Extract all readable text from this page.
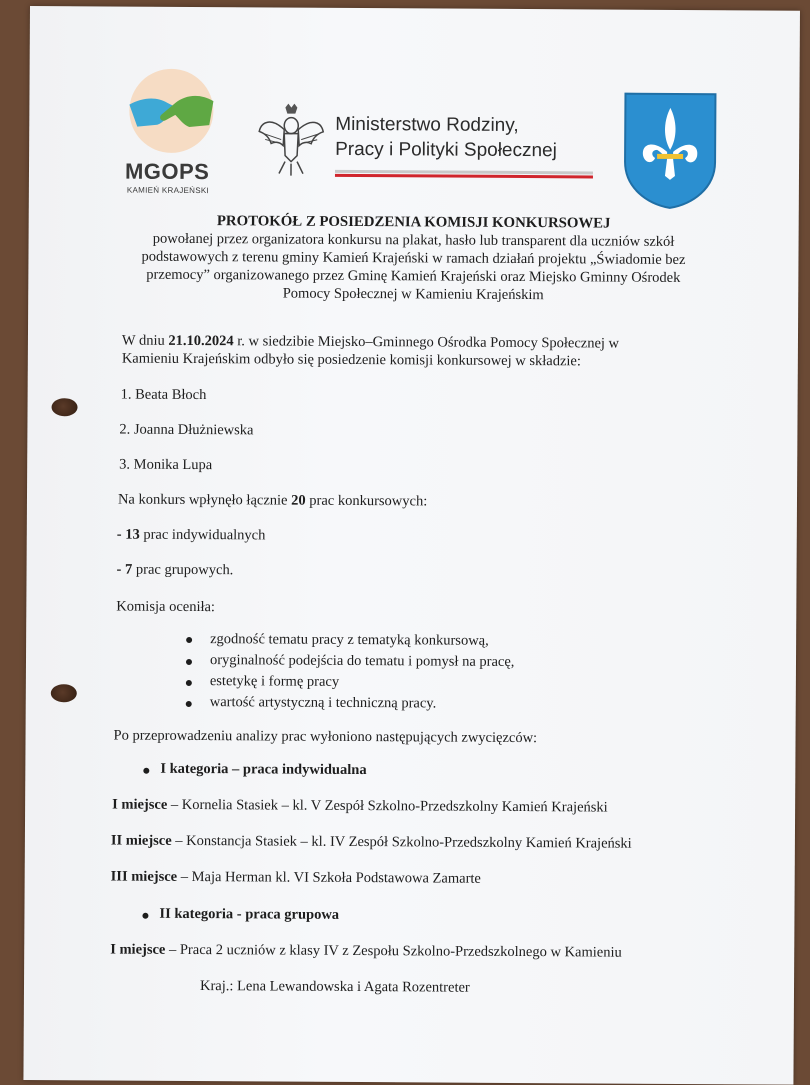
MGOPS
KAMIEŃ KRAJEŃSKI
Ministerstwo Rodziny,
Pracy i Polityki Społecznej
PROTOKÓŁ Z POSIEDZENIA KOMISJI KONKURSOWEJ
powołanej przez organizatora konkursu na plakat, hasło lub transparent dla uczniów szkół
podstawowych z terenu gminy Kamień Krajeński w ramach działań projektu „Świadomie bez
przemocy” organizowanego przez Gminę Kamień Krajeński oraz Miejsko Gminny Ośrodek
Pomocy Społecznej w Kamieniu Krajeńskim
W dniu 21.10.2024 r. w siedzibie Miejsko–Gminnego Ośrodka Pomocy Społecznej w
Kamieniu Krajeńskim odbyło się posiedzenie komisji konkursowej w składzie:
1. Beata Błoch
2. Joanna Dłużniewska
3. Monika Lupa
Na konkurs wpłynęło łącznie 20 prac konkursowych:
- 13 prac indywidualnych
- 7 prac grupowych.
Komisja oceniła:
zgodność tematu pracy z tematyką konkursową,
oryginalność podejścia do tematu i pomysł na pracę,
estetykę i formę pracy
wartość artystyczną i techniczną pracy.
Po przeprowadzeniu analizy prac wyłoniono następujących zwycięzców:
I kategoria – praca indywidualna
I miejsce – Kornelia Stasiek – kl. V Zespół Szkolno-Przedszkolny Kamień Krajeński
II miejsce – Konstancja Stasiek – kl. IV Zespół Szkolno-Przedszkolny Kamień Krajeński
III miejsce – Maja Herman kl. VI Szkoła Podstawowa Zamarte
II kategoria - praca grupowa
I miejsce – Praca 2 uczniów z klasy IV z Zespołu Szkolno-Przedszkolnego w Kamieniu
Kraj.: Lena Lewandowska i Agata Rozentreter
